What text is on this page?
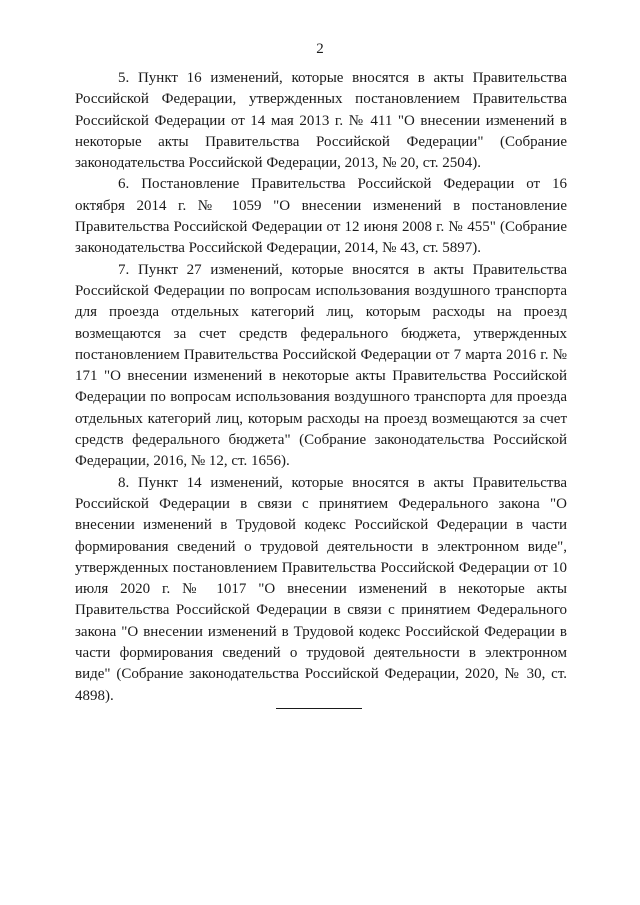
2

5. Пункт 16 изменений, которые вносятся в акты Правительства Российской Федерации, утвержденных постановлением Правительства Российской Федерации от 14 мая 2013 г. № 411 "О внесении изменений в некоторые акты Правительства Российской Федерации" (Собрание законодательства Российской Федерации, 2013, № 20, ст. 2504).

6. Постановление Правительства Российской Федерации от 16 октября 2014 г. № 1059 "О внесении изменений в постановление Правительства Российской Федерации от 12 июня 2008 г. № 455" (Собрание законодательства Российской Федерации, 2014, № 43, ст. 5897).

7. Пункт 27 изменений, которые вносятся в акты Правительства Российской Федерации по вопросам использования воздушного транспорта для проезда отдельных категорий лиц, которым расходы на проезд возмещаются за счет средств федерального бюджета, утвержденных постановлением Правительства Российской Федерации от 7 марта 2016 г. № 171 "О внесении изменений в некоторые акты Правительства Российской Федерации по вопросам использования воздушного транспорта для проезда отдельных категорий лиц, которым расходы на проезд возмещаются за счет средств федерального бюджета" (Собрание законодательства Российской Федерации, 2016, № 12, ст. 1656).

8. Пункт 14 изменений, которые вносятся в акты Правительства Российской Федерации в связи с принятием Федерального закона "О внесении изменений в Трудовой кодекс Российской Федерации в части формирования сведений о трудовой деятельности в электронном виде", утвержденных постановлением Правительства Российской Федерации от 10 июля 2020 г. № 1017 "О внесении изменений в некоторые акты Правительства Российской Федерации в связи с принятием Федерального закона "О внесении изменений в Трудовой кодекс Российской Федерации в части формирования сведений о трудовой деятельности в электронном виде" (Собрание законодательства Российской Федерации, 2020, № 30, ст. 4898).
